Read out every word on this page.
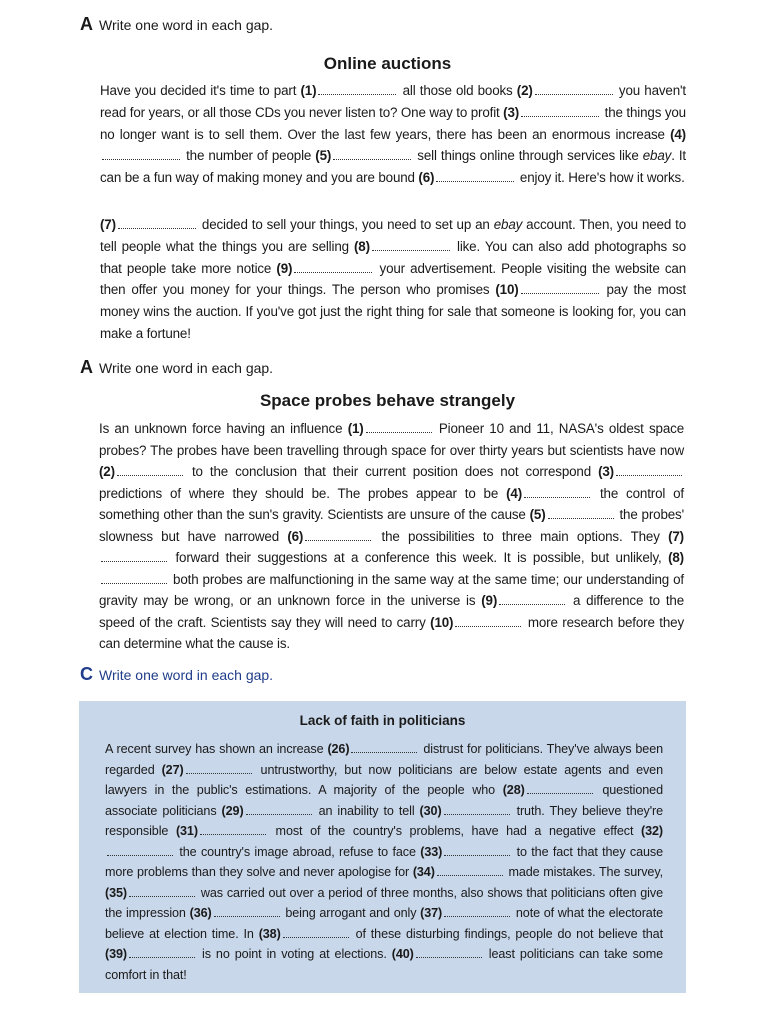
A Write one word in each gap.
Online auctions

Have you decided it's time to part (1)	all those old books (2)	you haven't read for years, or all those CDs you never listen to? One way to profit (3)	the things you no longer want is to sell them. Over the last few years, there has been an enormous increase (4) the number of people (5)	sell things online through services like ebay. It can be a fun way of making money and you are bound (6)	enjoy it. Here's how it works.

(7)	decided to sell your things, you need to set up an ebay account. Then, you need to tell people what the things you are selling (8)	like. You can also add photographs so that people take more notice (9)	your advertisement. People visiting the website can then offer you money for your things. The person who promises (10)	pay the most money wins the auction. If you've got just the right thing for sale that someone is looking for, you can make a fortune!

A Write one word in each gap.
Space probes behave strangely

Is an unknown force having an influence (1)	Pioneer 10 and 11, NASA's oldest space probes? The probes have been travelling through space for over thirty years but scientists have now (2)	to the conclusion that their current position does not correspond (3) predictions of where they should be. The probes appear to be (4)	the control of something other than the sun's gravity. Scientists are unsure of the cause (5)	the probes' slowness but have narrowed (6)	the possibilities to three main options. They (7) forward their suggestions at a conference this week. It is possible, but unlikely, (8) both probes are malfunctioning in the same way at the same time; our understanding of gravity may be wrong, or an unknown force in the universe is (9)	a difference to the speed of the craft. Scientists say they will need to carry (10)	more research before they can determine what the cause is.

C Write one word in each gap.
Lack of faith in politicians

A recent survey has shown an increase (26)	distrust for politicians. They've always been regarded (27)	untrustworthy, but now politicians are below estate agents and even lawyers in the public's estimations. A majority of the people who (28)	questioned associate politicians (29)	an inability to tell (30)	truth. They believe they're responsible (31)	most of the country's problems, have had a negative effect (32) the country's image abroad, refuse to face (33)	to the fact that they cause more problems than they solve and never apologise for (34)	made mistakes. The survey, (35)	was carried out over a period of three months, also shows that politicians often give the impression (36)	being arrogant and only (37)	note of what the electorate believe at election time. In (38)	of these disturbing findings, people do not believe that (39)	is no point in voting at elections. (40)	least politicians can take some comfort in that!
